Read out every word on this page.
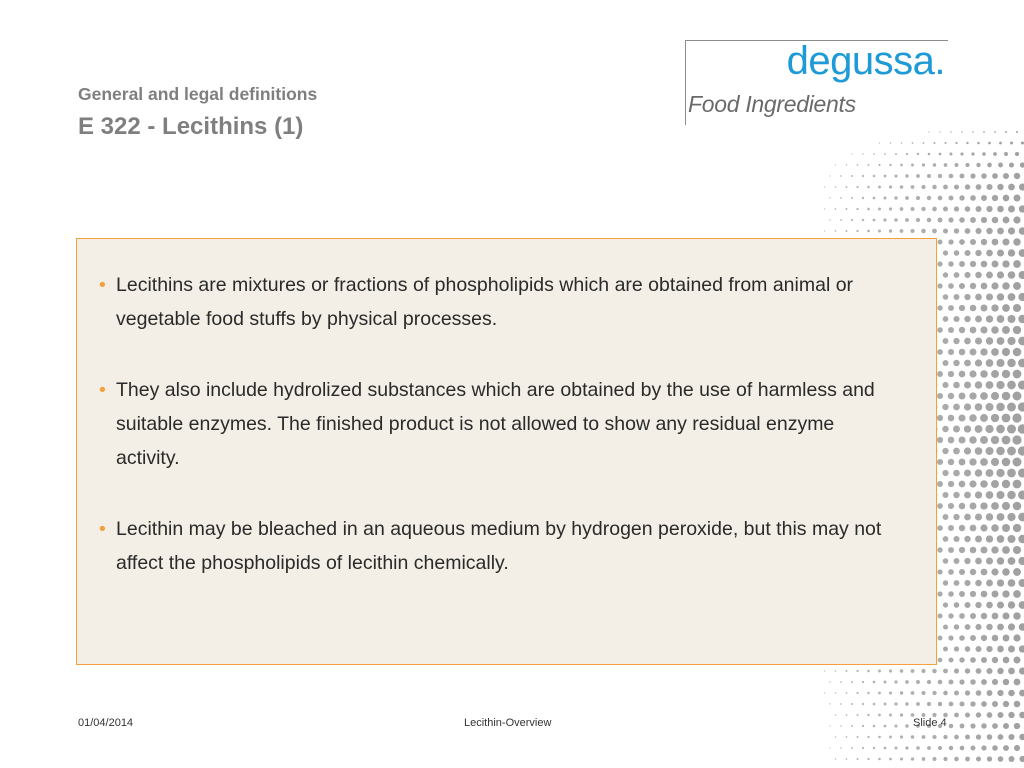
General and legal definitions
E 322 - Lecithins (1)
degussa.
Food Ingredients
• Lecithins are mixtures or fractions of phospholipids which are obtained from animal or vegetable food stuffs by physical processes.
• They also include hydrolized substances which are obtained by the use of harmless and suitable enzymes. The finished product is not allowed to show any residual enzyme activity.
• Lecithin may be bleached in an aqueous medium by hydrogen peroxide, but this may not affect the phospholipids of lecithin chemically.
01/04/2014	Lecithin-Overview	Slide 4
